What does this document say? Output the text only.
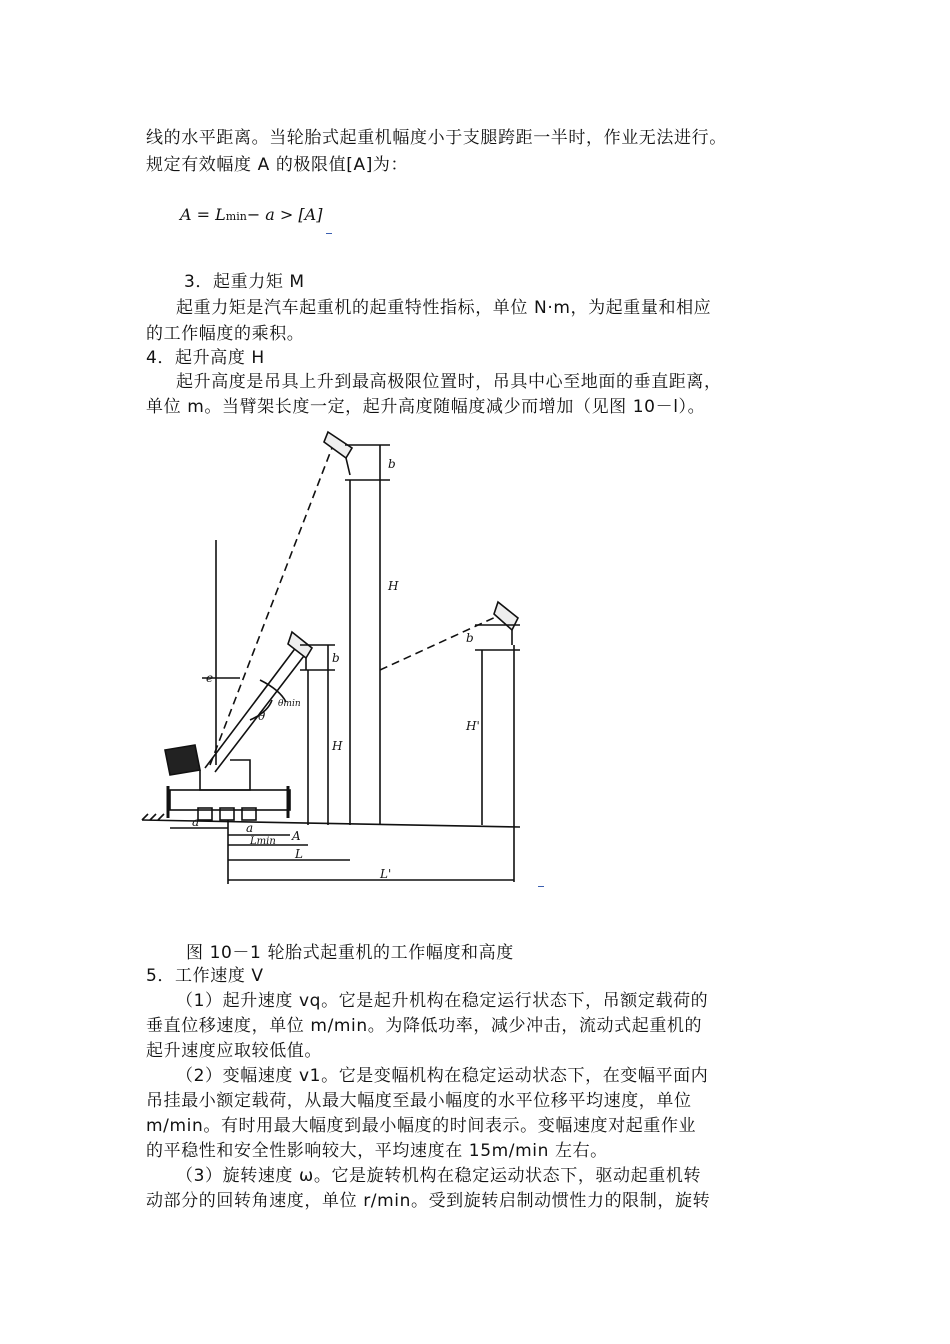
线的水平距离。当轮胎式起重机幅度小于支腿跨距一半时，作业无法进行。
规定有效幅度 A 的极限值[A]为：
A = Lmin− a > [A]
3．起重力矩 M
起重力矩是汽车起重机的起重特性指标，单位 N·m，为起重量和相应
的工作幅度的乘积。
4．起升高度 H
起升高度是吊具上升到最高极限位置时，吊具中心至地面的垂直距离，
单位 m。当臂架长度一定，起升高度随幅度减少而增加（见图 10－l）。
b
H
b
H
b
H'
e
θ
θmin
a	a
Lmin A
L
L'
图 10－1 轮胎式起重机的工作幅度和高度
5．工作速度 V
（1）起升速度 vq。它是起升机构在稳定运行状态下，吊额定载荷的
垂直位移速度，单位 m/min。为降低功率，减少冲击，流动式起重机的
起升速度应取较低值。
（2）变幅速度 v1。它是变幅机构在稳定运动状态下，在变幅平面内
吊挂最小额定载荷，从最大幅度至最小幅度的水平位移平均速度，单位
m/min。有时用最大幅度到最小幅度的时间表示。变幅速度对起重作业
的平稳性和安全性影响较大，平均速度在 15m/min 左右。
（3）旋转速度 ω。它是旋转机构在稳定运动状态下，驱动起重机转
动部分的回转角速度，单位 r/min。受到旋转启制动惯性力的限制，旋转
